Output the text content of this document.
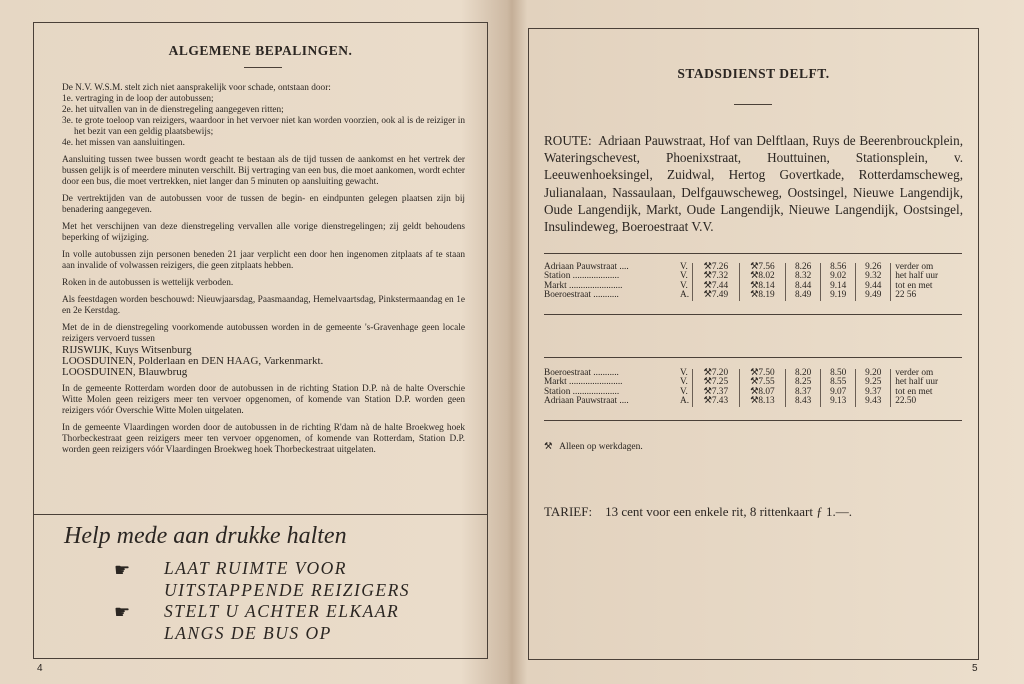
ALGEMENE BEPALINGEN.
De N.V. W.S.M. stelt zich niet aansprakelijk voor schade, ontstaan door:
1e. vertraging in de loop der autobussen;
2e. het uitvallen van in de dienstregeling aangegeven ritten;
3e. te grote toeloop van reizigers, waardoor in het vervoer niet kan worden voorzien, ook al is de reiziger in het bezit van een geldig plaatsbewijs;
4e. het missen van aansluitingen.
Aansluiting tussen twee bussen wordt geacht te bestaan als de tijd tussen de aankomst en het vertrek der bussen gelijk is of meerdere minuten verschilt. Bij vertraging van een bus, die moet aankomen, wordt echter door een bus, die moet vertrekken, niet langer dan 5 minuten op aansluiting gewacht.
De vertrektijden van de autobussen voor de tussen de begin- en eindpunten gelegen plaatsen zijn bij benadering aangegeven.
Met het verschijnen van deze dienstregeling vervallen alle vorige dienstregelingen; zij geldt behoudens beperking of wijziging.
In volle autobussen zijn personen beneden 21 jaar verplicht een door hen ingenomen zitplaats af te staan aan invalide of volwassen reizigers, die geen zitplaats hebben.
Roken in de autobussen is wettelijk verboden.
Als feestdagen worden beschouwd: Nieuwjaarsdag, Paasmaandag, Hemelvaartsdag, Pinkstermaandag en 1e en 2e Kerstdag.
Met de in de dienstregeling voorkomende autobussen worden in de gemeente 's-Gravenhage geen locale reizigers vervoerd tussen
RIJSWIJK, Kuys Witsenburg
LOOSDUINEN, Polderlaan en DEN HAAG, Varkenmarkt.
LOOSDUINEN, Blauwbrug
In de gemeente Rotterdam worden door de autobussen in de richting Station D.P. nà de halte Overschie Witte Molen geen reizigers meer ten vervoer opgenomen, of komende van Station D.P. worden geen reizigers vóór Overschie Witte Molen uitgelaten.
In de gemeente Vlaardingen worden door de autobussen in de richting R'dam nà de halte Broekweg hoek Thorbeckestraat geen reizigers meer ten vervoer opgenomen, of komende van Rotterdam, Station D.P. worden geen reizigers vóór Vlaardingen Broekweg hoek Thorbeckestraat uitgelaten.
Help mede aan drukke halten
☛
☛
LAAT RUIMTE VOOR
UITSTAPPENDE REIZIGERS
STELT U ACHTER ELKAAR
LANGS DE BUS OP
4
STADSDIENST DELFT.
ROUTE: Adriaan Pauwstraat, Hof van Delftlaan, Ruys de Beerenbrouckplein, Wateringschevest, Phoenixstraat, Houttuinen, Stationsplein, v. Leeuwenhoeksingel, Zuidwal, Hertog Govertkade, Rotterdamscheweg, Julianalaan, Nassaulaan, Delfgauwscheweg, Oostsingel, Nieuwe Langendijk, Oude Langendijk, Markt, Oude Langendijk, Nieuwe Langendijk, Oostsingel, Insulindeweg, Boeroestraat V.V.
Adriaan Pauwstraat ....	V.	⚒7.26	⚒7.56	8.26	8.56	9.26	verder om
Station ....................	V.	⚒7.32	⚒8.02	8.32	9.02	9.32	het half uur
Markt .......................	V.	⚒7.44	⚒8.14	8.44	9.14	9.44	tot en met
Boeroestraat ...........	A.	⚒7.49	⚒8.19	8.49	9.19	9.49	22 56
Boeroestraat ...........	V.	⚒7.20	⚒7.50	8.20	8.50	9.20	verder om
Markt .......................	V.	⚒7.25	⚒7.55	8.25	8.55	9.25	het half uur
Station ....................	V.	⚒7.37	⚒8.07	8.37	9.07	9.37	tot en met
Adriaan Pauwstraat ....	A.	⚒7.43	⚒8.13	8.43	9.13	9.43	22.50
⚒ Alleen op werkdagen.
TARIEF: 13 cent voor een enkele rit, 8 rittenkaart ƒ 1.—.
5
